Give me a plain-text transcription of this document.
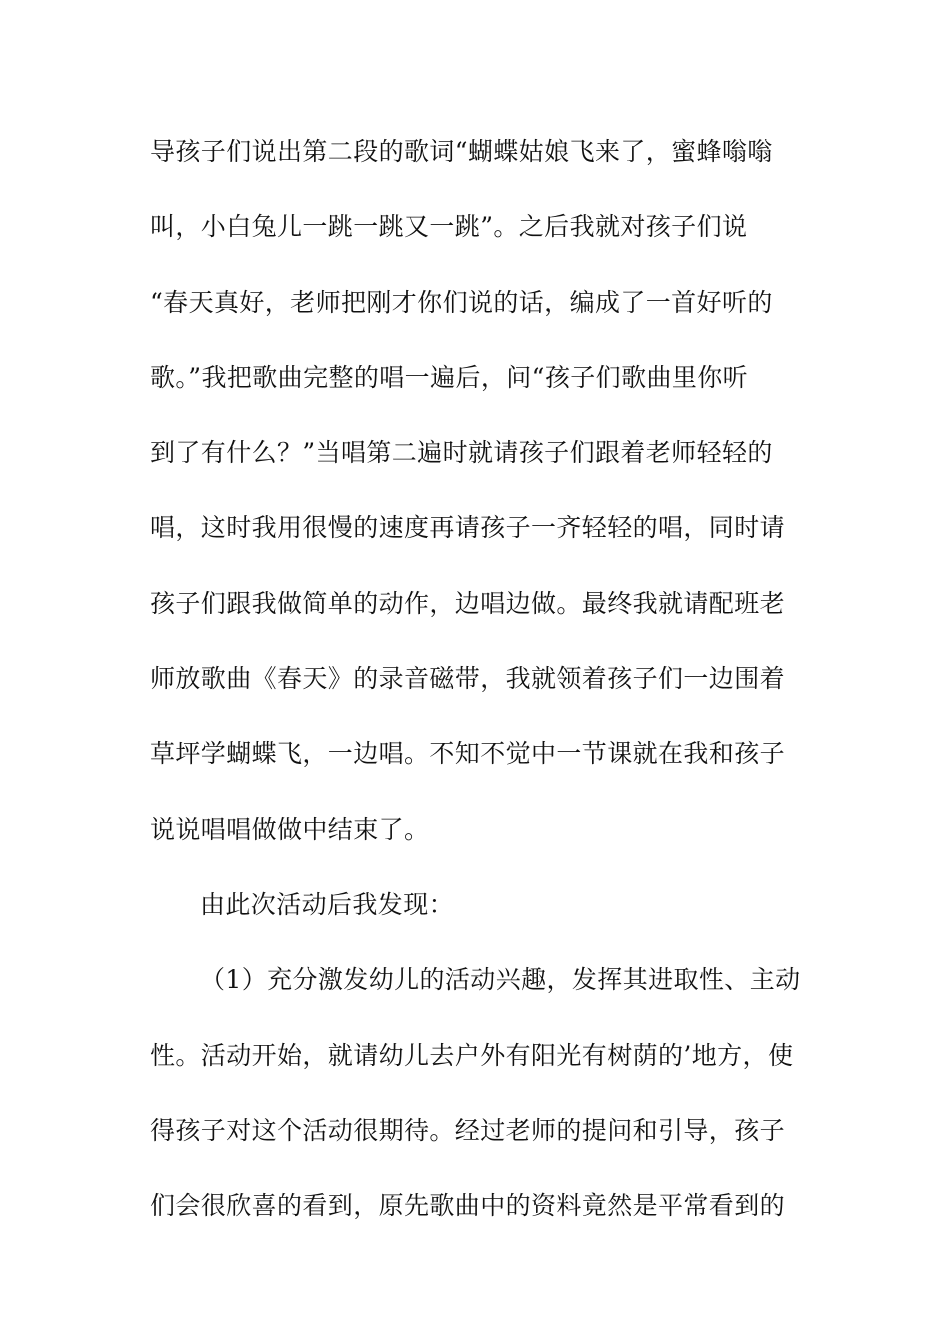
导孩子们说出第二段的歌词“蝴蝶姑娘飞来了，蜜蜂嗡嗡
叫，小白兔儿一跳一跳又一跳”。之后我就对孩子们说
“春天真好，老师把刚才你们说的话，编成了一首好听的
歌。”我把歌曲完整的唱一遍后，问“孩子们歌曲里你听
到了有什么？”当唱第二遍时就请孩子们跟着老师轻轻的
唱，这时我用很慢的速度再请孩子一齐轻轻的唱，同时请
孩子们跟我做简单的动作，边唱边做。最终我就请配班老
师放歌曲《春天》的录音磁带，我就领着孩子们一边围着
草坪学蝴蝶飞，一边唱。不知不觉中一节课就在我和孩子
说说唱唱做做中结束了。
由此次活动后我发现：
（1）充分激发幼儿的活动兴趣，发挥其进取性、主动
性。活动开始，就请幼儿去户外有阳光有树荫的’地方，使
得孩子对这个活动很期待。经过老师的提问和引导，孩子
们会很欣喜的看到，原先歌曲中的资料竟然是平常看到的
